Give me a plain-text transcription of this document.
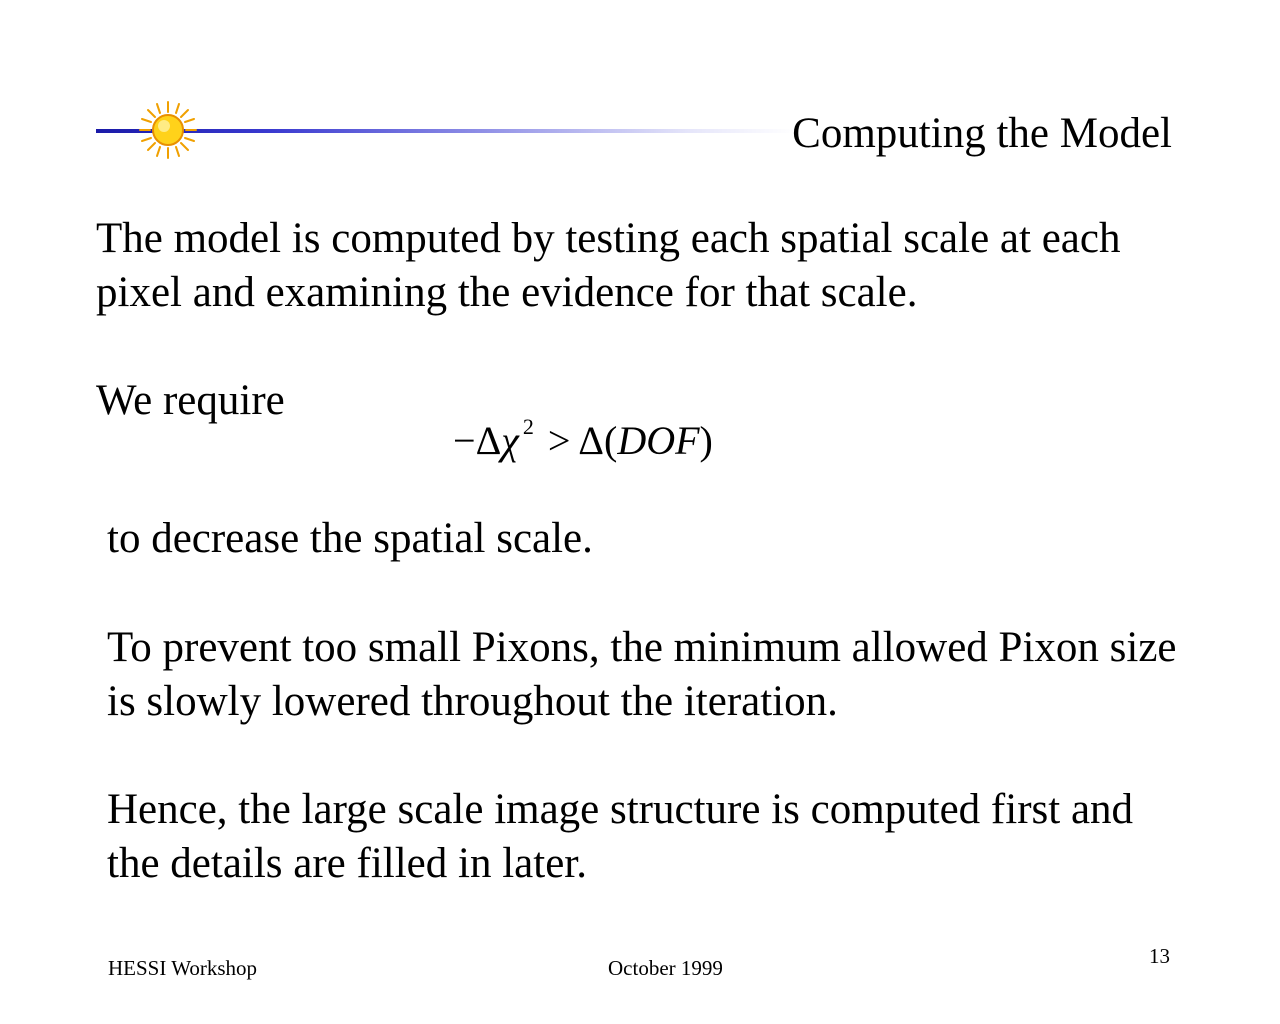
Computing the Model
The model is computed by testing each spatial scale at each
pixel and examining the evidence for that scale.
We require
−Δχ $^2$ > Δ(DOF)
to decrease the spatial scale.
To prevent too small Pixons, the minimum allowed Pixon size
is slowly lowered throughout the iteration.
Hence, the large scale image structure is computed first and
the details are filled in later.
HESSI Workshop	October 1999	13
